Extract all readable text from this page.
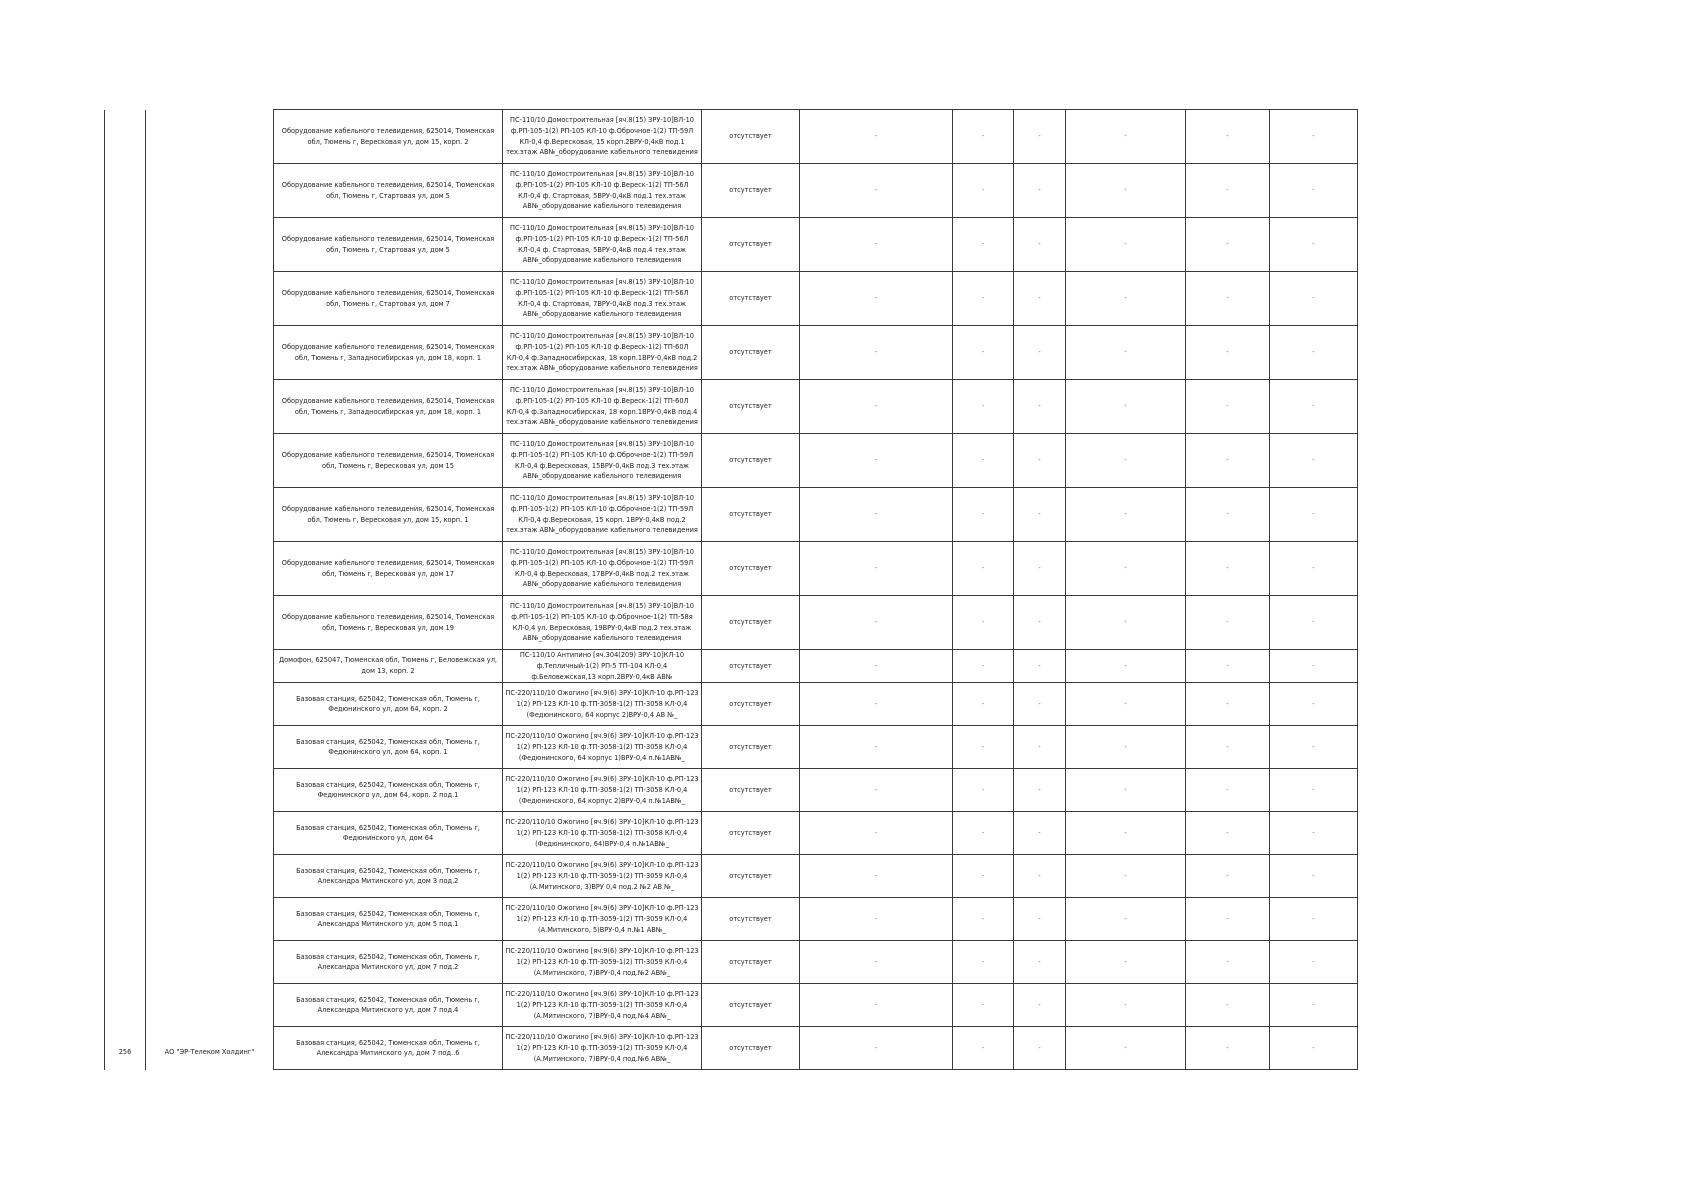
256	АО "ЭР-Телеком Холдинг"	Оборудование кабельного телевидения, 625014, Тюменская обл, Тюмень г, Вересковая ул, дом 15, корп. 2	ПС-110/10 Домостроительная [яч.8(15) ЗРУ-10]ВЛ-10 ф.РП-105-1(2) РП-105 КЛ-10 ф.Оброчное-1(2) ТП-59Л КЛ-0,4 ф.Вересковая, 15 корп.2ВРУ-0,4кВ под.1 тех.этаж АВ№_оборудование кабельного телевидения	отсутствует	-	-	-	-	-	-
		Оборудование кабельного телевидения, 625014, Тюменская обл, Тюмень г, Стартовая ул, дом 5	ПС-110/10 Домостроительная [яч.8(15) ЗРУ-10]ВЛ-10 ф.РП-105-1(2) РП-105 КЛ-10 ф.Вереск-1(2) ТП-56Л КЛ-0,4 ф. Стартовая, 5ВРУ-0,4кВ под.1 тех.этаж АВ№_оборудование кабельного телевидения	отсутствует	-	-	-	-	-	-
		Оборудование кабельного телевидения, 625014, Тюменская обл, Тюмень г, Стартовая ул, дом 5	ПС-110/10 Домостроительная [яч.8(15) ЗРУ-10]ВЛ-10 ф.РП-105-1(2) РП-105 КЛ-10 ф.Вереск-1(2) ТП-56Л КЛ-0,4 ф. Стартовая, 5ВРУ-0,4кВ под.4 тех.этаж АВ№_оборудование кабельного телевидения	отсутствует	-	-	-	-	-	-
		Оборудование кабельного телевидения, 625014, Тюменская обл, Тюмень г, Стартовая ул, дом 7	ПС-110/10 Домостроительная [яч.8(15) ЗРУ-10]ВЛ-10 ф.РП-105-1(2) РП-105 КЛ-10 ф.Вереск-1(2) ТП-56Л КЛ-0,4 ф. Стартовая, 7ВРУ-0,4кВ под.3 тех.этаж АВ№_оборудование кабельного телевидения	отсутствует	-	-	-	-	-	-
		Оборудование кабельного телевидения, 625014, Тюменская обл, Тюмень г, Западносибирская ул, дом 18, корп. 1	ПС-110/10 Домостроительная [яч.8(15) ЗРУ-10]ВЛ-10 ф.РП-105-1(2) РП-105 КЛ-10 ф.Вереск-1(2) ТП-60Л КЛ-0,4 ф.Западносибирская, 18 корп.1ВРУ-0,4кВ под.2 тех.этаж АВ№_оборудование кабельного телевидения	отсутствует	-	-	-	-	-	-
		Оборудование кабельного телевидения, 625014, Тюменская обл, Тюмень г, Западносибирская ул, дом 18, корп. 1	ПС-110/10 Домостроительная [яч.8(15) ЗРУ-10]ВЛ-10 ф.РП-105-1(2) РП-105 КЛ-10 ф.Вереск-1(2) ТП-60Л КЛ-0,4 ф.Западносибирская, 18 корп.1ВРУ-0,4кВ под.4 тех.этаж АВ№_оборудование кабельного телевидения	отсутствует	-	-	-	-	-	-
		Оборудование кабельного телевидения, 625014, Тюменская обл, Тюмень г, Вересковая ул, дом 15	ПС-110/10 Домостроительная [яч.8(15) ЗРУ-10]ВЛ-10 ф.РП-105-1(2) РП-105 КЛ-10 ф.Оброчное-1(2) ТП-59Л КЛ-0,4 ф.Вересковая, 15ВРУ-0,4кВ под.3 тех.этаж АВ№_оборудование кабельного телевидения	отсутствует	-	-	-	-	-	-
		Оборудование кабельного телевидения, 625014, Тюменская обл, Тюмень г, Вересковая ул, дом 15, корп. 1	ПС-110/10 Домостроительная [яч.8(15) ЗРУ-10]ВЛ-10 ф.РП-105-1(2) РП-105 КЛ-10 ф.Оброчное-1(2) ТП-59Л КЛ-0,4 ф.Вересковая, 15 корп. 1ВРУ-0,4кВ под.2 тех.этаж АВ№_оборудование кабельного телевидения	отсутствует	-	-	-	-	-	-
		Оборудование кабельного телевидения, 625014, Тюменская обл, Тюмень г, Вересковая ул, дом 17	ПС-110/10 Домостроительная [яч.8(15) ЗРУ-10]ВЛ-10 ф.РП-105-1(2) РП-105 КЛ-10 ф.Оброчное-1(2) ТП-59Л КЛ-0,4 ф.Вересковая, 17ВРУ-0,4кВ под.2 тех.этаж АВ№_оборудование кабельного телевидения	отсутствует	-	-	-	-	-	-
		Оборудование кабельного телевидения, 625014, Тюменская обл, Тюмень г, Вересковая ул, дом 19	ПС-110/10 Домостроительная [яч.8(15) ЗРУ-10]ВЛ-10 ф.РП-105-1(2) РП-105 КЛ-10 ф.Оброчное-1(2) ТП-58я КЛ-0,4 ул. Вересковая, 19ВРУ-0,4кВ под.2 тех.этаж АВ№_оборудование кабельного телевидения	отсутствует	-	-	-	-	-	-
		Домофон, 625047, Тюменская обл, Тюмень г, Беловежская ул, дом 13, корп. 2	ПС-110/10 Антипино [яч.304(209) ЗРУ-10]КЛ-10 ф.Тепличный-1(2) РП-5 ТП-104 КЛ-0,4 ф.Беловежская,13 корп.2ВРУ-0,4кВ АВ№	отсутствует	-	-	-	-	-	-
		Базовая станция, 625042, Тюменская обл, Тюмень г, Федюнинского ул, дом 64, корп. 2	ПС-220/110/10 Ожогино [яч.9(6) ЗРУ-10]КЛ-10 ф.РП-123 1(2) РП-123 КЛ-10 ф.ТП-3058-1(2) ТП-3058 КЛ-0,4 (Федюнинского, 64 корпус 2)ВРУ-0,4 АВ №_	отсутствует	-	-	-	-	-	-
		Базовая станция, 625042, Тюменская обл, Тюмень г, Федюнинского ул, дом 64, корп. 1	ПС-220/110/10 Ожогино [яч.9(6) ЗРУ-10]КЛ-10 ф.РП-123 1(2) РП-123 КЛ-10 ф.ТП-3058-1(2) ТП-3058 КЛ-0,4 (Федюнинского, 64 корпус 1)ВРУ-0,4 п.№1АВ№_	отсутствует	-	-	-	-	-	-
		Базовая станция, 625042, Тюменская обл, Тюмень г, Федюнинского ул, дом 64, корп. 2 под.1	ПС-220/110/10 Ожогино [яч.9(6) ЗРУ-10]КЛ-10 ф.РП-123 1(2) РП-123 КЛ-10 ф.ТП-3058-1(2) ТП-3058 КЛ-0,4 (Федюнинского, 64 корпус 2)ВРУ-0,4 п.№1АВ№_	отсутствует	-	-	-	-	-	-
		Базовая станция, 625042, Тюменская обл, Тюмень г, Федюнинского ул, дом 64	ПС-220/110/10 Ожогино [яч.9(6) ЗРУ-10]КЛ-10 ф.РП-123 1(2) РП-123 КЛ-10 ф.ТП-3058-1(2) ТП-3058 КЛ-0,4 (Федюнинского, 64)ВРУ-0,4 п.№1АВ№_	отсутствует	-	-	-	-	-	-
		Базовая станция, 625042, Тюменская обл, Тюмень г, Александра Митинского ул, дом 3 под.2	ПС-220/110/10 Ожогино [яч.9(6) ЗРУ-10]КЛ-10 ф.РП-123 1(2) РП-123 КЛ-10 ф.ТП-3059-1(2) ТП-3059 КЛ-0,4 (А.Митинского, 3)ВРУ 0,4 под.2 №2 АВ №_	отсутствует	-	-	-	-	-	-
		Базовая станция, 625042, Тюменская обл, Тюмень г, Александра Митинского ул, дом 5 под.1	ПС-220/110/10 Ожогино [яч.9(6) ЗРУ-10]КЛ-10 ф.РП-123 1(2) РП-123 КЛ-10 ф.ТП-3059-1(2) ТП-3059 КЛ-0,4 (А.Митинского, 5)ВРУ-0,4 п.№1 АВ№_	отсутствует	-	-	-	-	-	-
		Базовая станция, 625042, Тюменская обл, Тюмень г, Александра Митинского ул, дом 7 под.2	ПС-220/110/10 Ожогино [яч.9(6) ЗРУ-10]КЛ-10 ф.РП-123 1(2) РП-123 КЛ-10 ф.ТП-3059-1(2) ТП-3059 КЛ-0,4 (А.Митинского, 7)ВРУ-0,4 под.№2 АВ№_	отсутствует	-	-	-	-	-	-
		Базовая станция, 625042, Тюменская обл, Тюмень г, Александра Митинского ул, дом 7 под.4	ПС-220/110/10 Ожогино [яч.9(6) ЗРУ-10]КЛ-10 ф.РП-123 1(2) РП-123 КЛ-10 ф.ТП-3059-1(2) ТП-3059 КЛ-0,4 (А.Митинского, 7)ВРУ-0,4 под.№4 АВ№_	отсутствует	-	-	-	-	-	-
		Базовая станция, 625042, Тюменская обл, Тюмень г, Александра Митинского ул, дом 7 под..6	ПС-220/110/10 Ожогино [яч.9(6) ЗРУ-10]КЛ-10 ф.РП-123 1(2) РП-123 КЛ-10 ф.ТП-3059-1(2) ТП-3059 КЛ-0,4 (А.Митинского, 7)ВРУ-0,4 под.№6 АВ№_	отсутствует	-	-	-	-	-	-
